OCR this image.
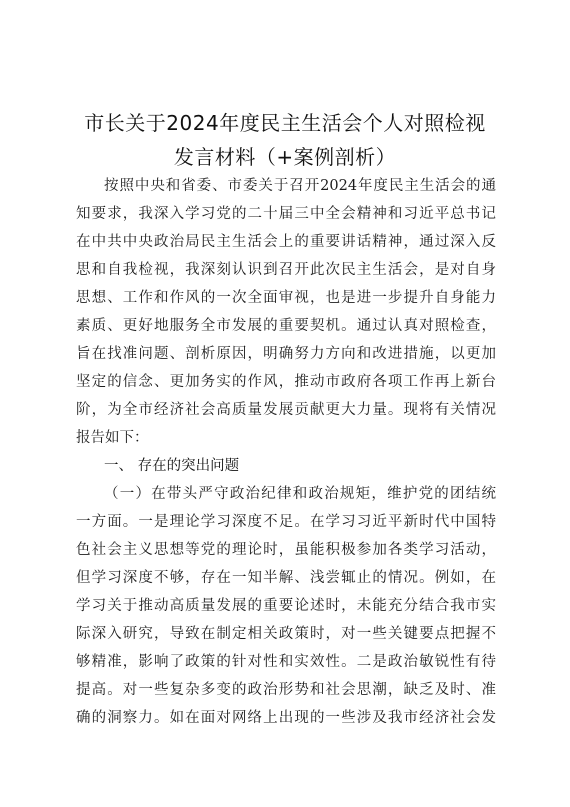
市长关于2024年度民主生活会个人对照检视
发言材料（+案例剖析）
按照中央和省委、市委关于召开2024年度民主生活会的通
知要求，我深入学习党的二十届三中全会精神和习近平总书记
在中共中央政治局民主生活会上的重要讲话精神，通过深入反
思和自我检视，我深刻认识到召开此次民主生活会，是对自身
思想、工作和作风的一次全面审视，也是进一步提升自身能力
素质、更好地服务全市发展的重要契机。通过认真对照检查，
旨在找准问题、剖析原因，明确努力方向和改进措施，以更加
坚定的信念、更加务实的作风，推动市政府各项工作再上新台
阶，为全市经济社会高质量发展贡献更大力量。现将有关情况
报告如下：
一、 存在的突出问题
（一）在带头严守政治纪律和政治规矩，维护党的团结统
一方面。一是理论学习深度不足。在学习习近平新时代中国特
色社会主义思想等党的理论时，虽能积极参加各类学习活动，
但学习深度不够，存在一知半解、浅尝辄止的情况。例如，在
学习关于推动高质量发展的重要论述时，未能充分结合我市实
际深入研究，导致在制定相关政策时，对一些关键要点把握不
够精准，影响了政策的针对性和实效性。二是政治敏锐性有待
提高。对一些复杂多变的政治形势和社会思潮，缺乏及时、准
确的洞察力。如在面对网络上出现的一些涉及我市经济社会发
